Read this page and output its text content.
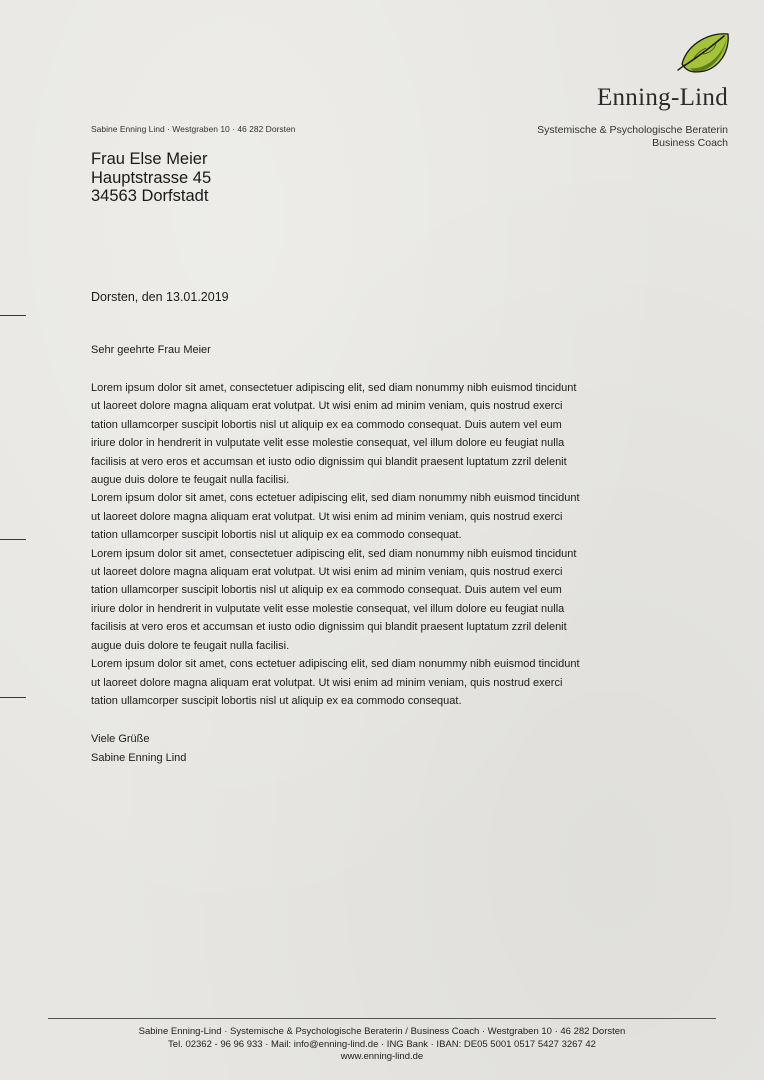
Enning-Lind
Systemische & Psychologische Beraterin
Business Coach
Sabine Enning Lind · Westgraben 10 · 46 282 Dorsten
Frau Else Meier
Hauptstrasse 45
34563 Dorfstadt
Dorsten, den 13.01.2019
Sehr geehrte Frau Meier
Lorem ipsum dolor sit amet, consectetuer adipiscing elit, sed diam nonummy nibh euismod tincidunt
ut laoreet dolore magna aliquam erat volutpat. Ut wisi enim ad minim veniam, quis nostrud exerci
tation ullamcorper suscipit lobortis nisl ut aliquip ex ea commodo consequat. Duis autem vel eum
iriure dolor in hendrerit in vulputate velit esse molestie consequat, vel illum dolore eu feugiat nulla
facilisis at vero eros et accumsan et iusto odio dignissim qui blandit praesent luptatum zzril delenit
augue duis dolore te feugait nulla facilisi.
Lorem ipsum dolor sit amet, cons ectetuer adipiscing elit, sed diam nonummy nibh euismod tincidunt
ut laoreet dolore magna aliquam erat volutpat. Ut wisi enim ad minim veniam, quis nostrud exerci
tation ullamcorper suscipit lobortis nisl ut aliquip ex ea commodo consequat.
Lorem ipsum dolor sit amet, consectetuer adipiscing elit, sed diam nonummy nibh euismod tincidunt
ut laoreet dolore magna aliquam erat volutpat. Ut wisi enim ad minim veniam, quis nostrud exerci
tation ullamcorper suscipit lobortis nisl ut aliquip ex ea commodo consequat. Duis autem vel eum
iriure dolor in hendrerit in vulputate velit esse molestie consequat, vel illum dolore eu feugiat nulla
facilisis at vero eros et accumsan et iusto odio dignissim qui blandit praesent luptatum zzril delenit
augue duis dolore te feugait nulla facilisi.
Lorem ipsum dolor sit amet, cons ectetuer adipiscing elit, sed diam nonummy nibh euismod tincidunt
ut laoreet dolore magna aliquam erat volutpat. Ut wisi enim ad minim veniam, quis nostrud exerci
tation ullamcorper suscipit lobortis nisl ut aliquip ex ea commodo consequat.
Viele Grüße
Sabine Enning Lind
Sabine Enning-Lind · Systemische & Psychologische Beraterin / Business Coach · Westgraben 10 · 46 282 Dorsten
Tel. 02362 - 96 96 933 · Mail: info@enning-lind.de · ING Bank · IBAN: DE05 5001 0517 5427 3267 42
www.enning-lind.de
